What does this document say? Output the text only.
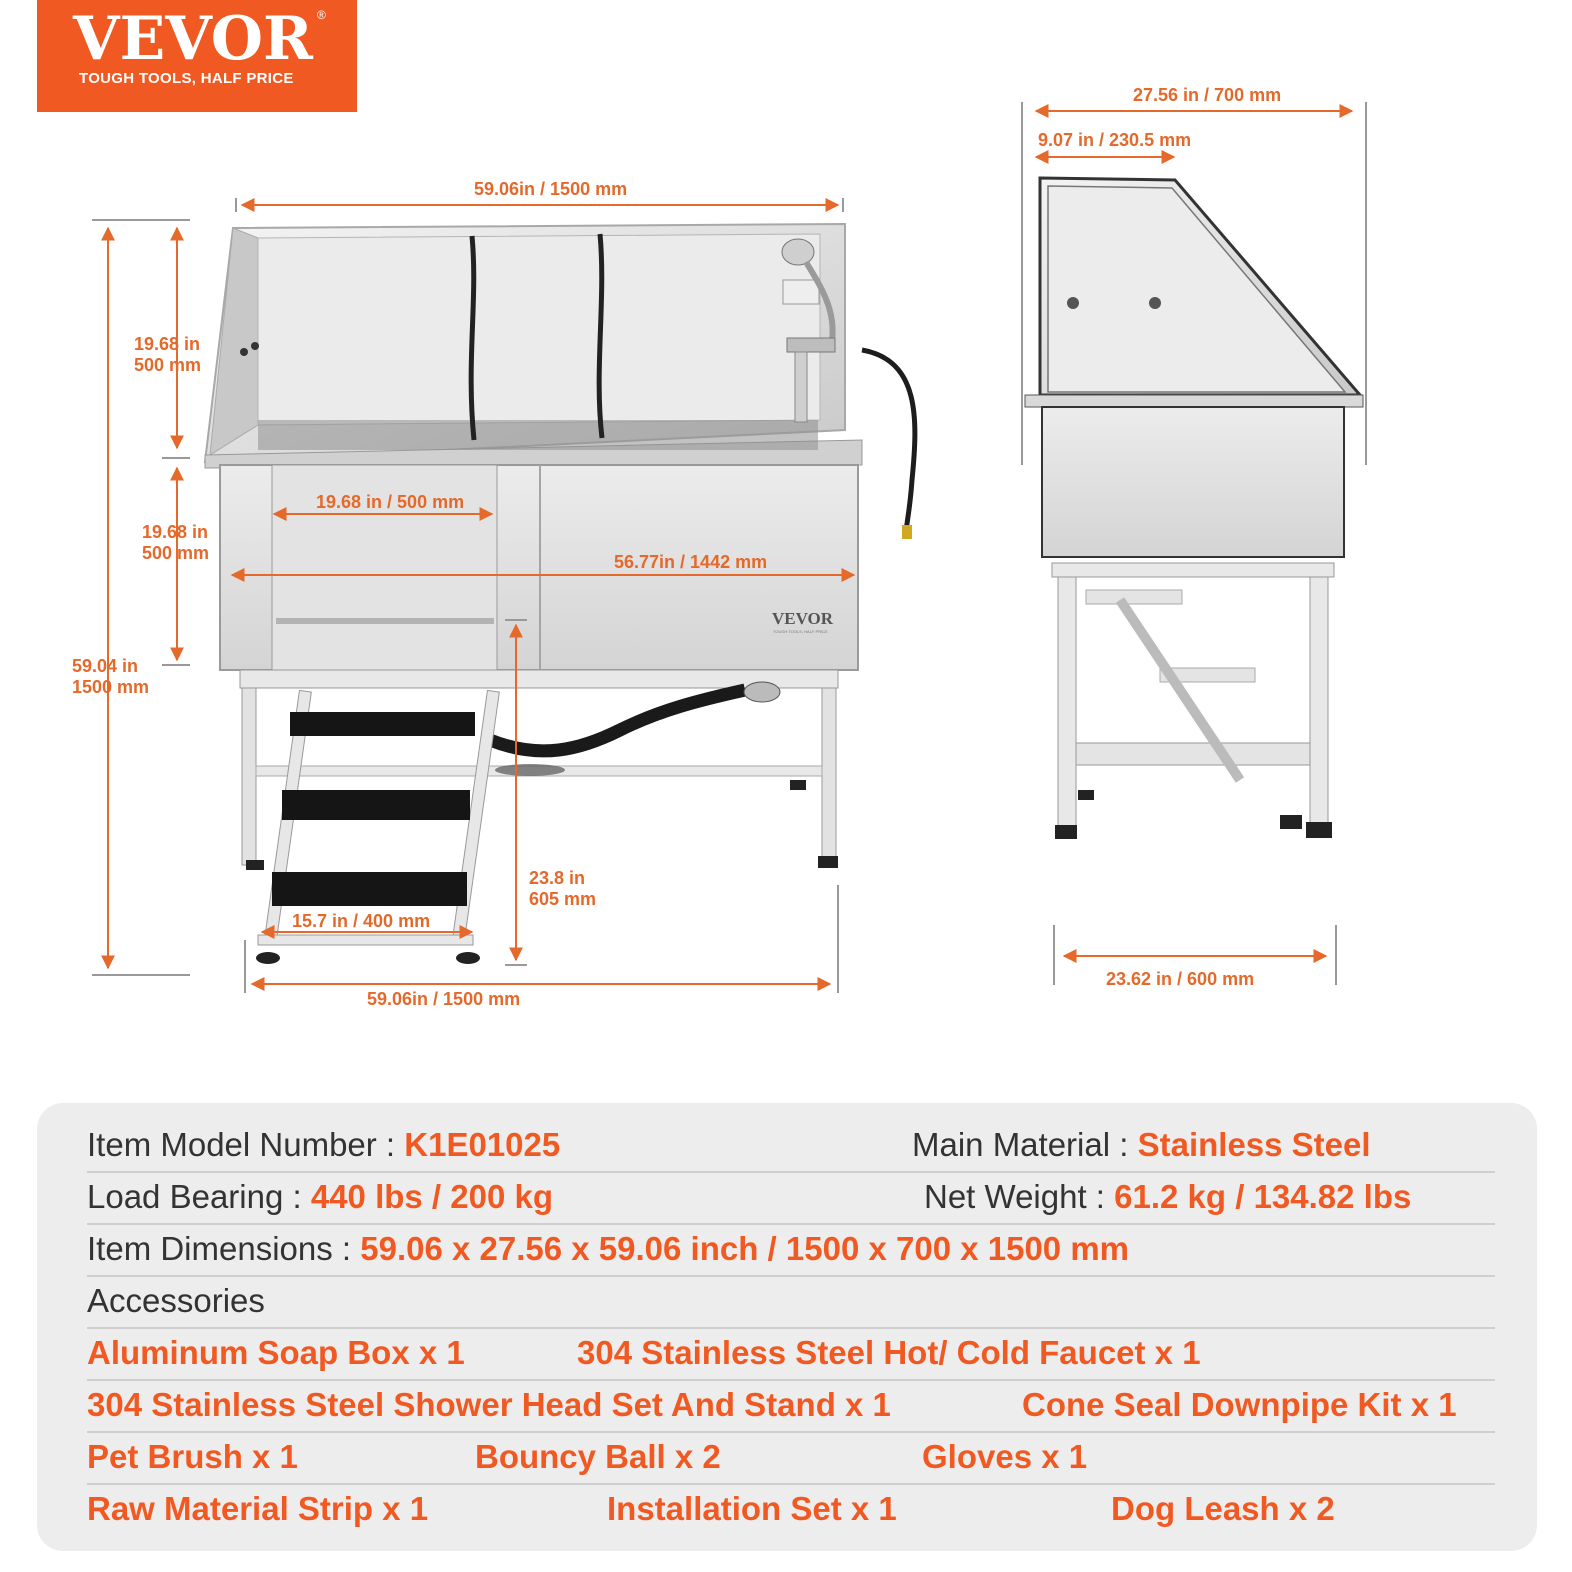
VEVOR ®
TOUGH TOOLS, HALF PRICE
VEVOR
TOUGH TOOLS, HALF PRICE
59.06in / 1500 mm
19.68 in
500 mm
19.68 in
500 mm
19.68 in / 500 mm
56.77in / 1442 mm
59.04 in
1500 mm
23.8 in
605 mm
15.7 in / 400 mm
59.06in / 1500 mm
27.56 in / 700 mm
9.07 in / 230.5 mm
23.62 in / 600 mm
Item Model Number : K1E01025	Main Material : Stainless Steel
Load Bearing : 440 lbs / 200 kg	Net Weight : 61.2 kg / 134.82 lbs
Item Dimensions : 59.06 x 27.56 x 59.06 inch / 1500 x 700 x 1500 mm
Accessories
Aluminum Soap Box x 1	304 Stainless Steel Hot/ Cold Faucet x 1
304 Stainless Steel Shower Head Set And Stand x 1	Cone Seal Downpipe Kit x 1
Pet Brush x 1	Bouncy Ball x 2	Gloves x 1
Raw Material Strip x 1	Installation Set x 1	Dog Leash x 2
